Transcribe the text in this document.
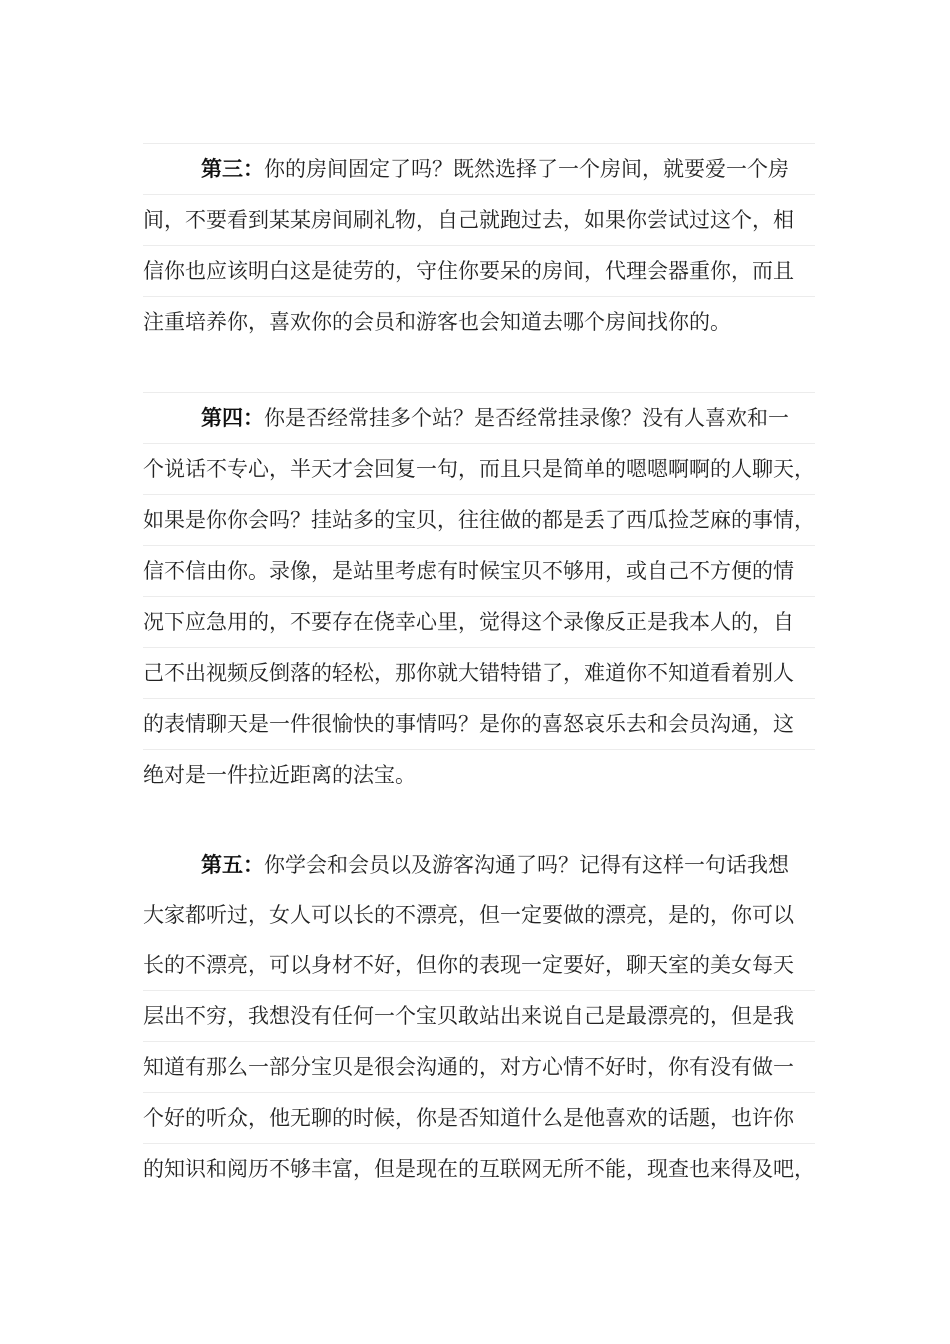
第三：你的房间固定了吗？既然选择了一个房间，就要爱一个房
间，不要看到某某房间刷礼物，自己就跑过去，如果你尝试过这个，相
信你也应该明白这是徒劳的，守住你要呆的房间，代理会器重你，而且
注重培养你，喜欢你的会员和游客也会知道去哪个房间找你的。
第四：你是否经常挂多个站？是否经常挂录像？没有人喜欢和一
个说话不专心，半天才会回复一句，而且只是简单的嗯嗯啊啊的人聊天，
如果是你你会吗？挂站多的宝贝，往往做的都是丢了西瓜捡芝麻的事情，
信不信由你。录像，是站里考虑有时候宝贝不够用，或自己不方便的情
况下应急用的，不要存在侥幸心里，觉得这个录像反正是我本人的，自
己不出视频反倒落的轻松，那你就大错特错了，难道你不知道看着别人
的表情聊天是一件很愉快的事情吗？是你的喜怒哀乐去和会员沟通，这
绝对是一件拉近距离的法宝。
第五：你学会和会员以及游客沟通了吗？记得有这样一句话我想
大家都听过，女人可以长的不漂亮，但一定要做的漂亮，是的，你可以
长的不漂亮，可以身材不好，但你的表现一定要好，聊天室的美女每天
层出不穷，我想没有任何一个宝贝敢站出来说自己是最漂亮的，但是我
知道有那么一部分宝贝是很会沟通的，对方心情不好时，你有没有做一
个好的听众，他无聊的时候，你是否知道什么是他喜欢的话题，也许你
的知识和阅历不够丰富，但是现在的互联网无所不能，现查也来得及吧，
